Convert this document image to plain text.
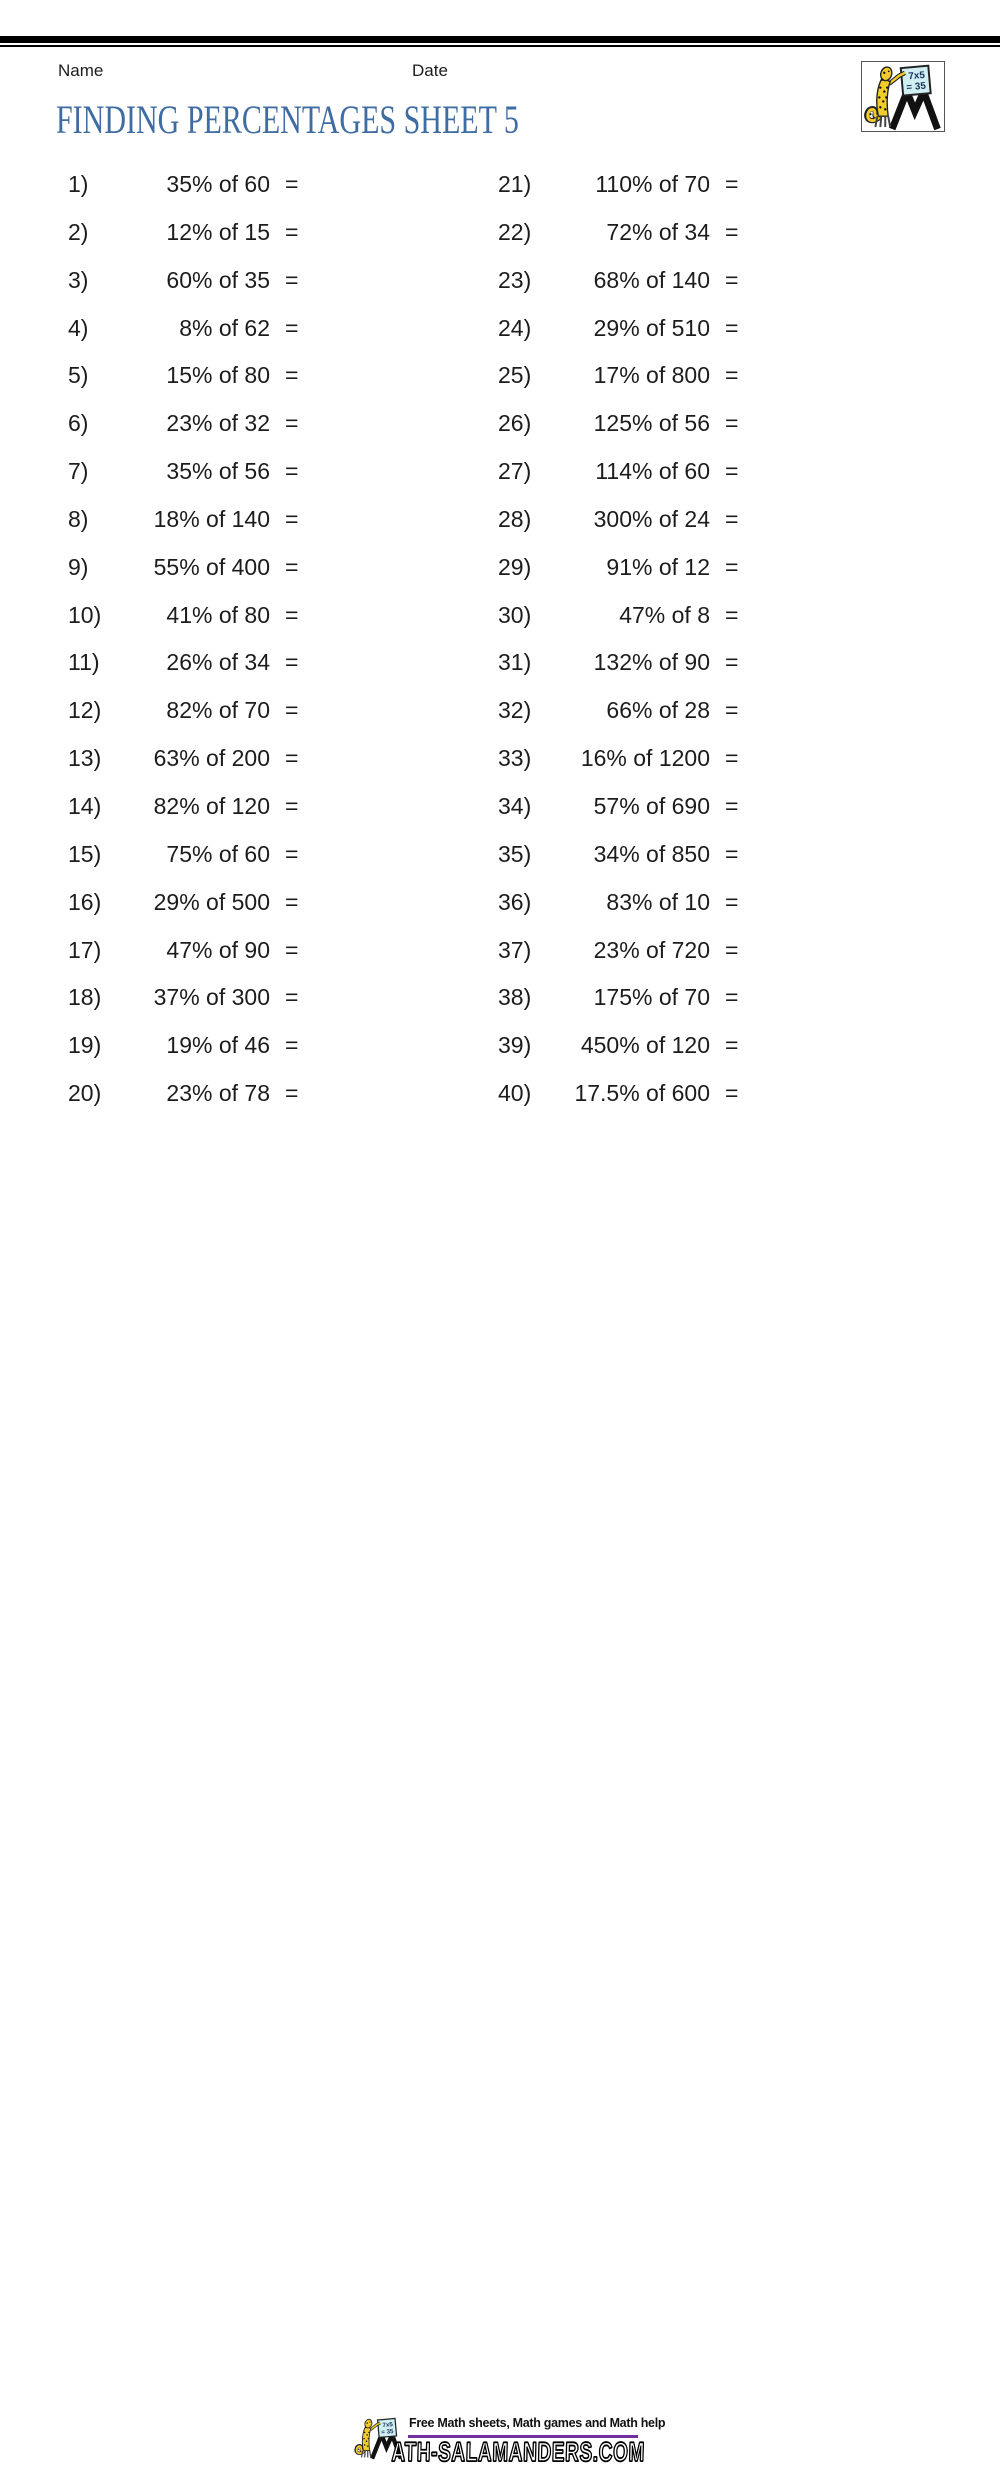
Name	Date
FINDING PERCENTAGES SHEET 5
1)	35% of 60 =
2)	12% of 15 =
3)	60% of 35 =
4)	8% of 62 =
5)	15% of 80 =
6)	23% of 32 =
7)	35% of 56 =
8)	18% of 140 =
9)	55% of 400 =
10)	41% of 80 =
11)	26% of 34 =
12)	82% of 70 =
13)	63% of 200 =
14)	82% of 120 =
15)	75% of 60 =
16)	29% of 500 =
17)	47% of 90 =
18)	37% of 300 =
19)	19% of 46 =
20)	23% of 78 =
21)	110% of 70 =
22)	72% of 34 =
23)	68% of 140 =
24)	29% of 510 =
25)	17% of 800 =
26)	125% of 56 =
27)	114% of 60 =
28)	300% of 24 =
29)	91% of 12 =
30)	47% of 8 =
31)	132% of 90 =
32)	66% of 28 =
33)	16% of 1200 =
34)	57% of 690 =
35)	34% of 850 =
36)	83% of 10 =
37)	23% of 720 =
38)	175% of 70 =
39)	450% of 120 =
40)	17.5% of 600 =
Free Math sheets, Math games and Math help
ATH-SALAMANDERS.COM
